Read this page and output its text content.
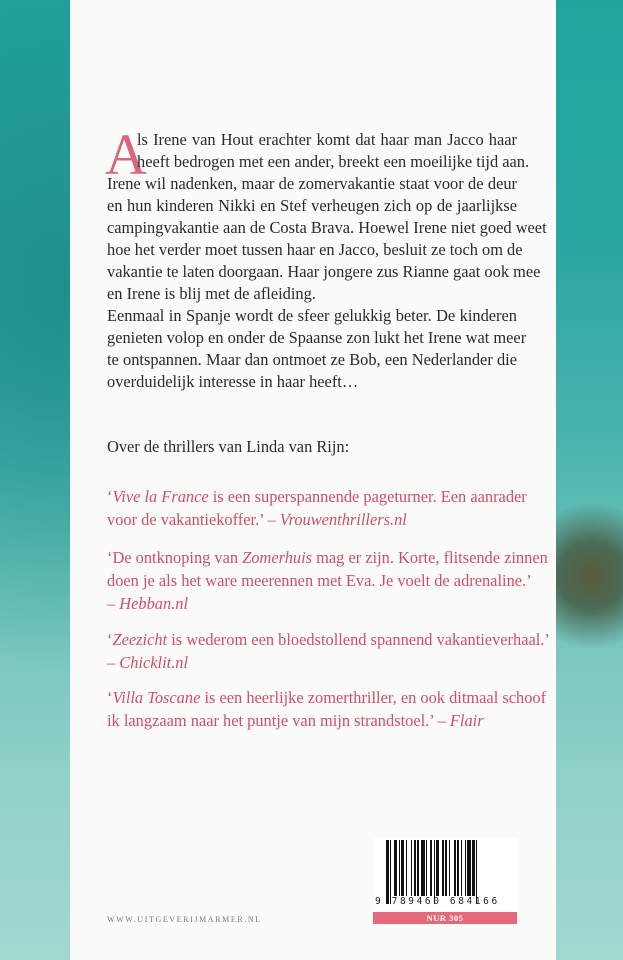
A
ls Irene van Hout erachter komt dat haar man Jacco haar
heeft bedrogen met een ander, breekt een moeilijke tijd aan.
Irene wil nadenken, maar de zomervakantie staat voor de deur
en hun kinderen Nikki en Stef verheugen zich op de jaarlijkse
campingvakantie aan de Costa Brava. Hoewel Irene niet goed weet
hoe het verder moet tussen haar en Jacco, besluit ze toch om de
vakantie te laten doorgaan. Haar jongere zus Rianne gaat ook mee
en Irene is blij met de afleiding.
Eenmaal in Spanje wordt de sfeer gelukkig beter. De kinderen
genieten volop en onder de Spaanse zon lukt het Irene wat meer
te ontspannen. Maar dan ontmoet ze Bob, een Nederlander die
overduidelijk interesse in haar heeft…
Over de thrillers van Linda van Rijn:
‘Vive la France is een superspannende pageturner. Een aanrader
voor de vakantiekoffer.’ – Vrouwenthrillers.nl
‘De ontknoping van Zomerhuis mag er zijn. Korte, flitsende zinnen
doen je als het ware meerennen met Eva. Je voelt de adrenaline.’
– Hebban.nl
‘Zeezicht is wederom een bloedstollend spannend vakantieverhaal.’
– Chicklit.nl
‘Villa Toscane is een heerlijke zomerthriller, en ook ditmaal schoof
ik langzaam naar het puntje van mijn strandstoel.’ – Flair
WWW.UITGEVERIJMARMER.NL
9 789460 684166
NUR 305
